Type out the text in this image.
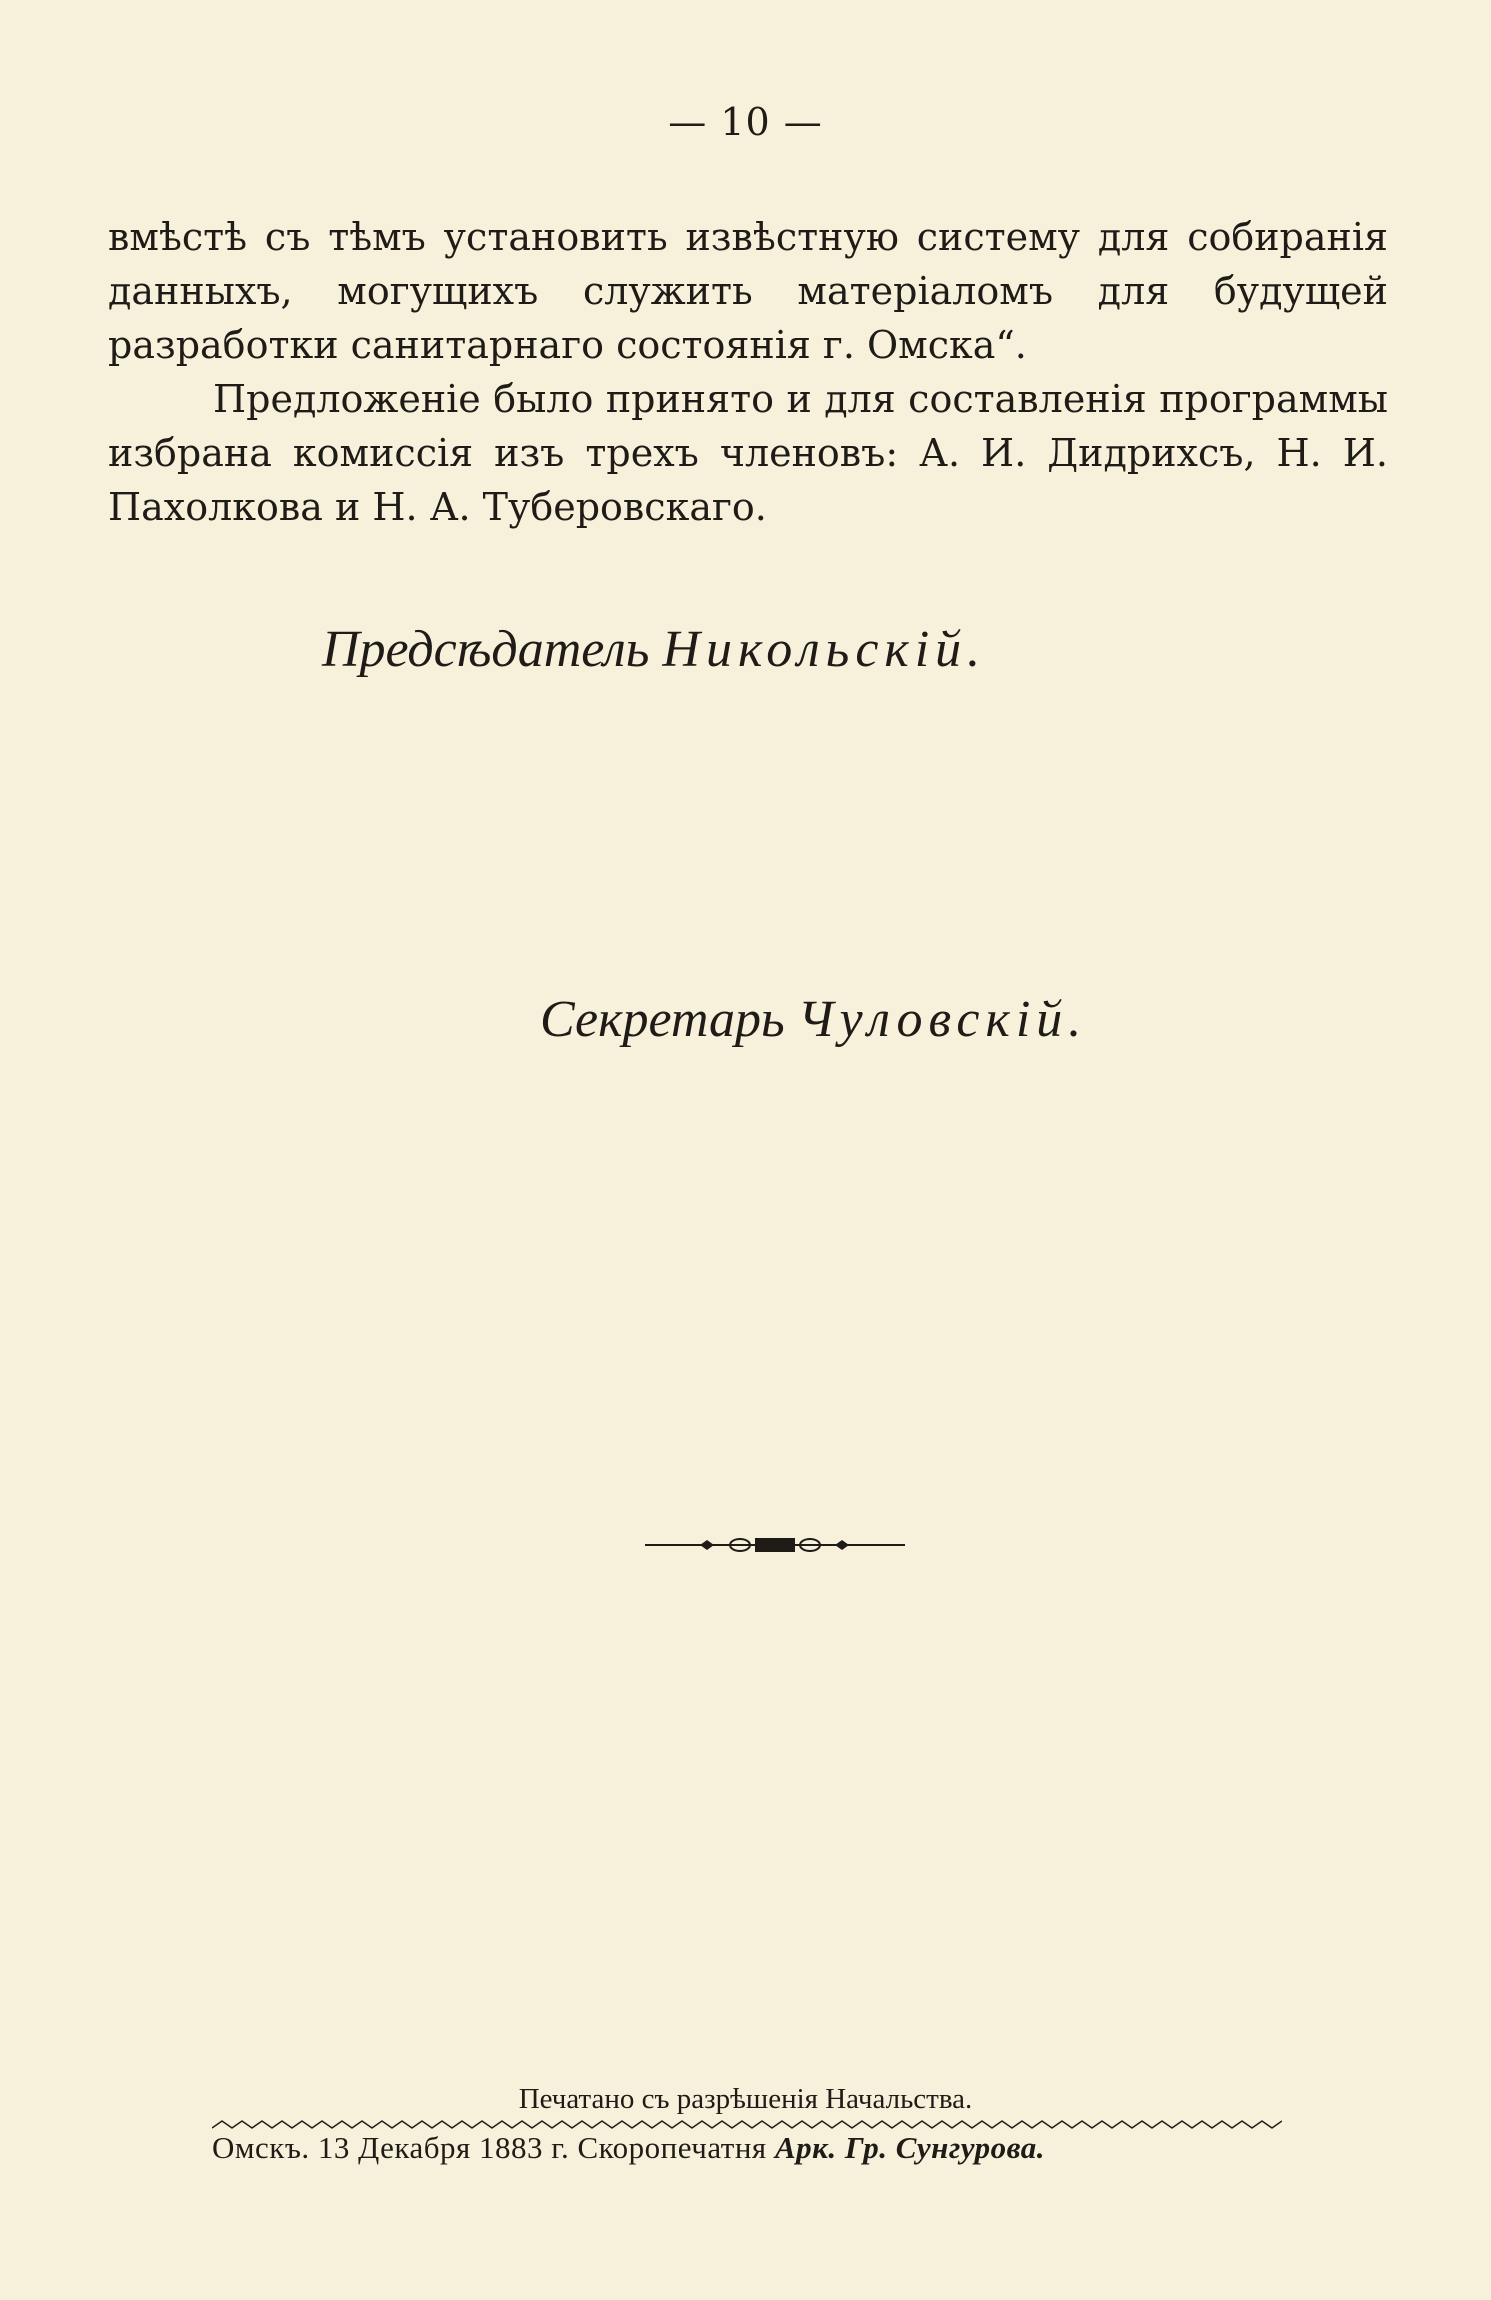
— 10 —

вмѣстѣ съ тѣмъ установить извѣстную систему для собиранія данныхъ, могущихъ служить матеріаломъ для будущей разработки санитарнаго состоянія г. Омска“.

Предложеніе было принято и для составленія программы избрана комиссія изъ трехъ членовъ: А. И. Дидрихсъ, Н. И. Пахолкова и Н. А. Туберовскаго.

Предсѣдатель Никольскій.
Секретарь Чуловскій.
Печатано съ разрѣшенія Начальства.
Омскъ. 13 Декабря 1883 г. Скоропечатня Арк. Гр. Сунгурова.
